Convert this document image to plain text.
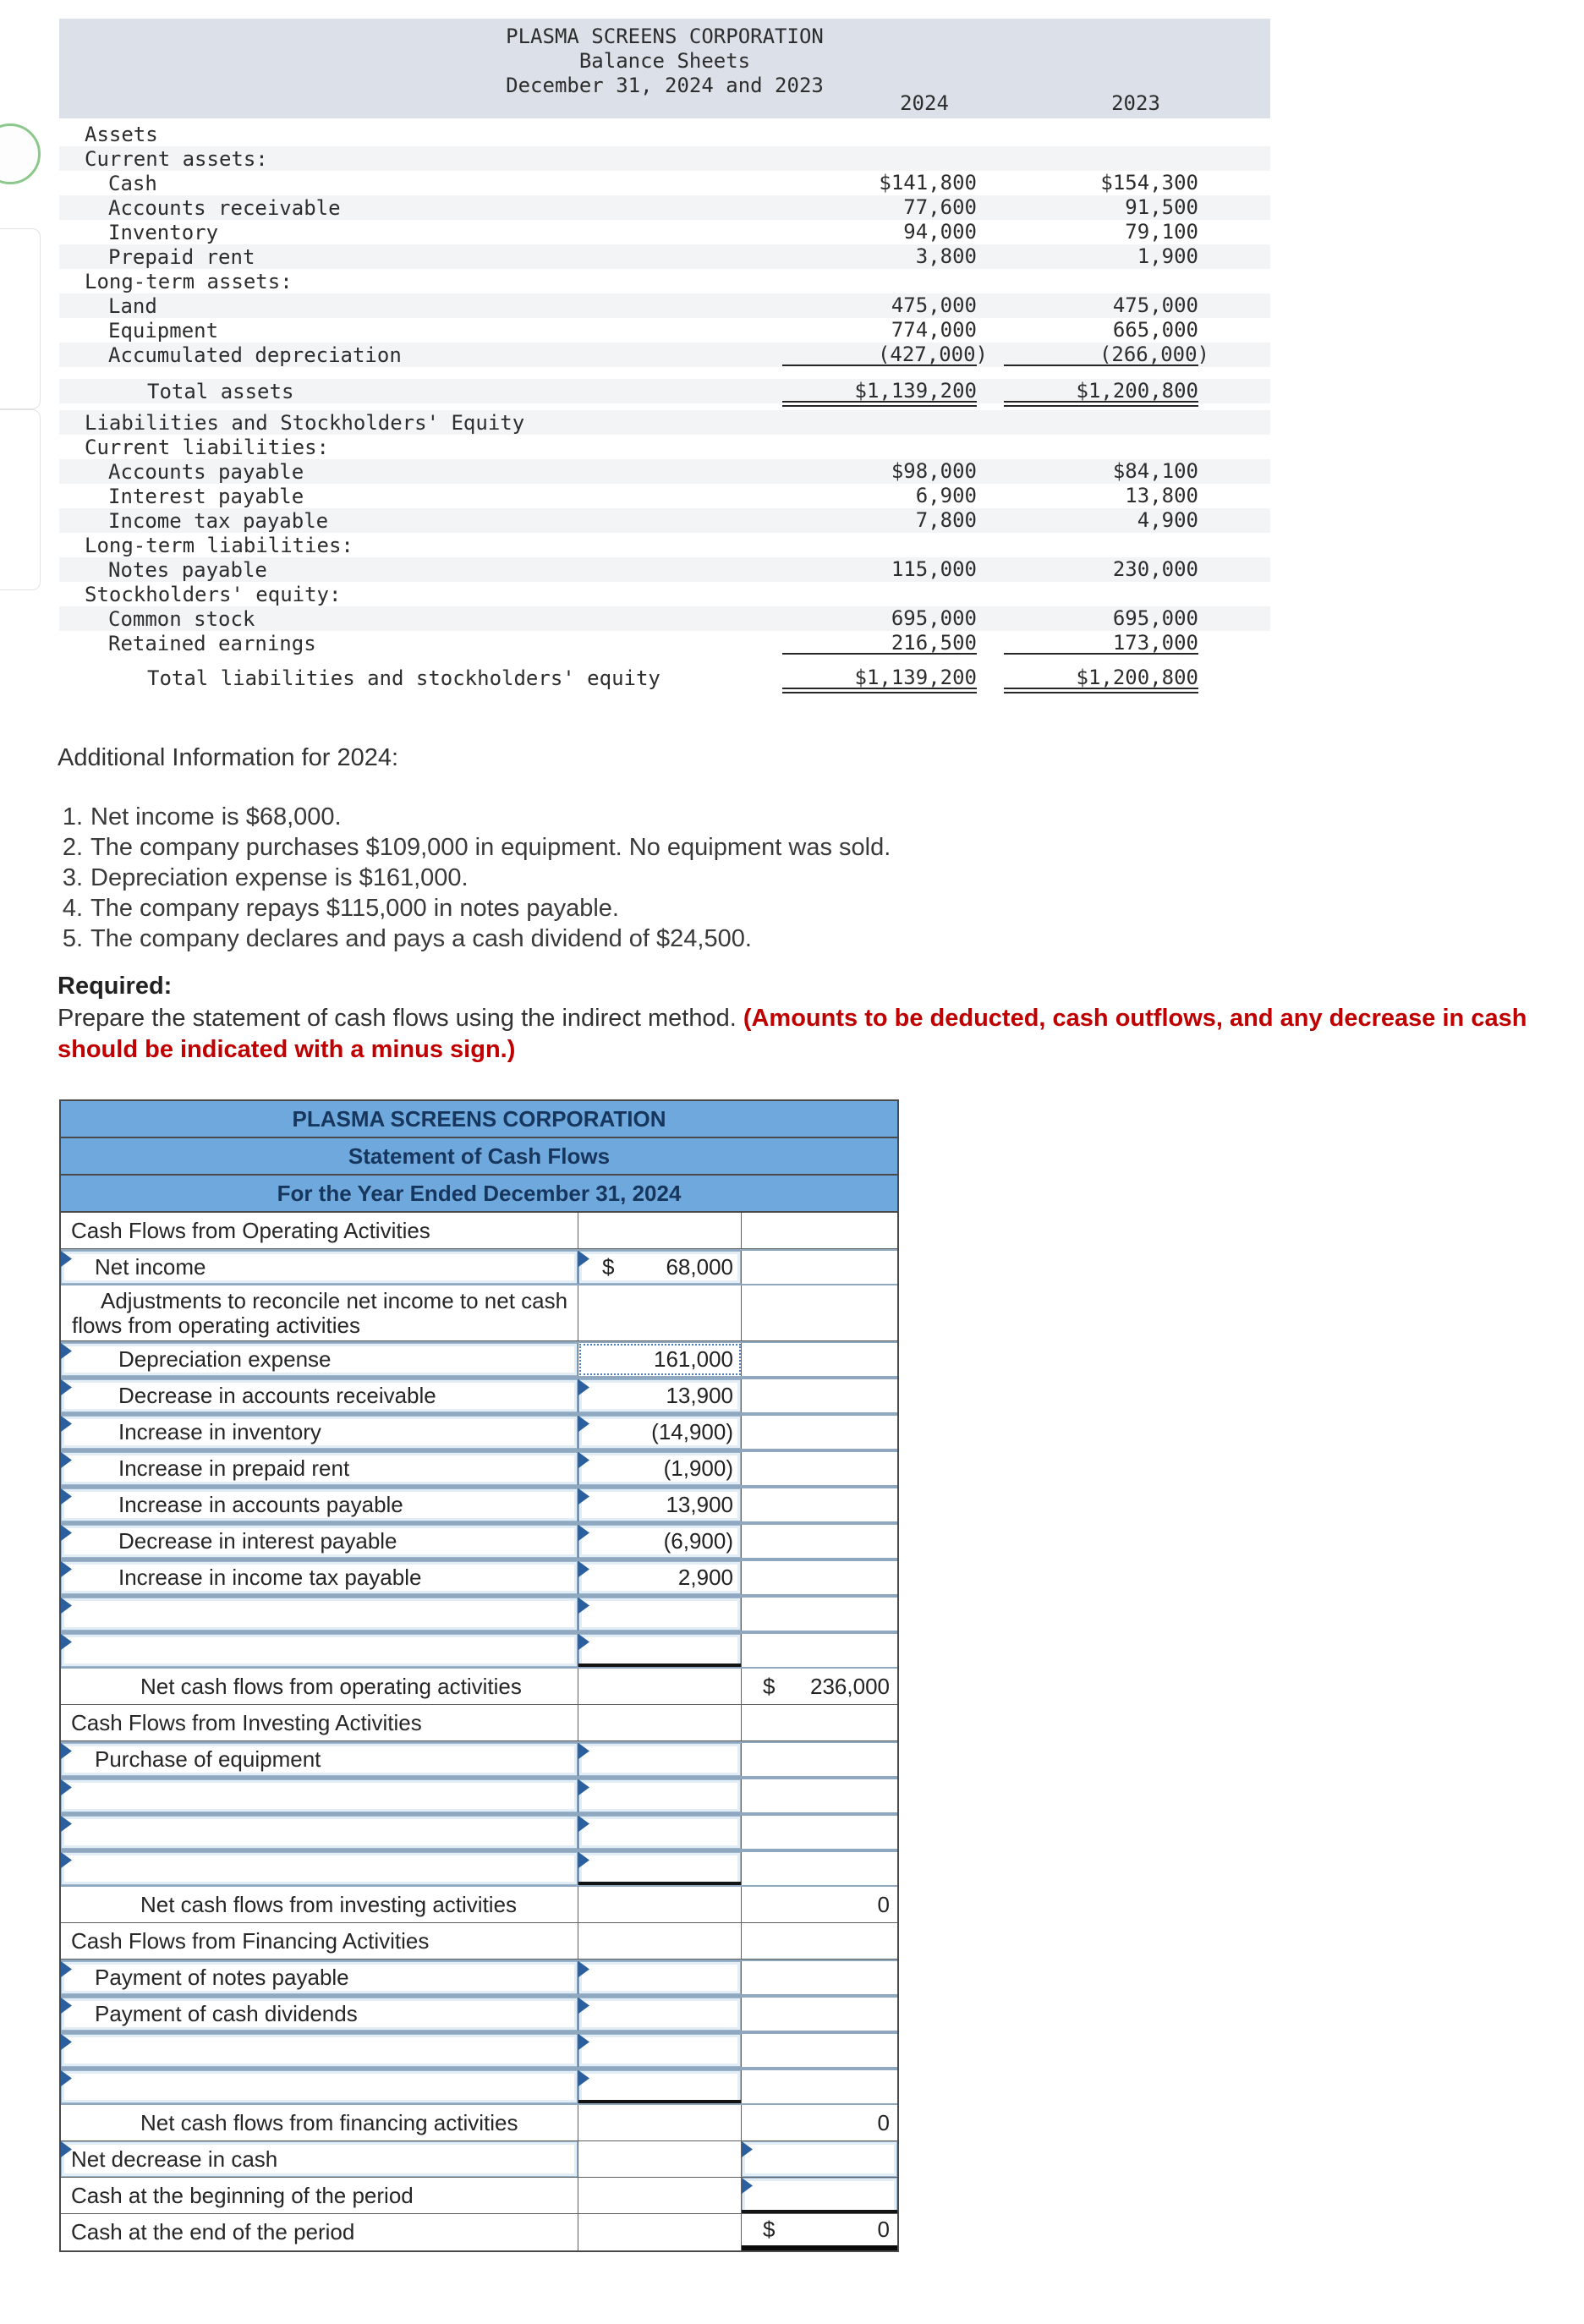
PLASMA SCREENS CORPORATION
Balance Sheets
December 31, 2024 and 2023
2024	2023
Assets
Current assets:
Cash	$141,800	$154,300
Accounts receivable	77,600	91,500
Inventory	94,000	79,100
Prepaid rent	3,800	1,900
Long-term assets:
Land	475,000	475,000
Equipment	774,000	665,000
Accumulated depreciation	(427,000)	(266,000)
Total assets	$1,139,200	$1,200,800
Liabilities and Stockholders' Equity
Current liabilities:
Accounts payable	$98,000	$84,100
Interest payable	6,900	13,800
Income tax payable	7,800	4,900
Long-term liabilities:
Notes payable	115,000	230,000
Stockholders' equity:
Common stock	695,000	695,000
Retained earnings	216,500	173,000
Total liabilities and stockholders' equity	$1,139,200	$1,200,800
Additional Information for 2024:
1. Net income is $68,000.
2. The company purchases $109,000 in equipment. No equipment was sold.
3. Depreciation expense is $161,000.
4. The company repays $115,000 in notes payable.
5. The company declares and pays a cash dividend of $24,500.
Required:
Prepare the statement of cash flows using the indirect method. (Amounts to be deducted, cash outflows, and any decrease in cash
should be indicated with a minus sign.)
PLASMA SCREENS CORPORATION
Statement of Cash Flows
For the Year Ended December 31, 2024
Cash Flows from Operating Activities
Net income	$ 68,000
Adjustments to reconcile net income to net cash flows from operating activities
Depreciation expense	161,000
Decrease in accounts receivable	13,900
Increase in inventory	(14,900)
Increase in prepaid rent	(1,900)
Increase in accounts payable	13,900
Decrease in interest payable	(6,900)
Increase in income tax payable	2,900
Net cash flows from operating activities	$ 236,000
Cash Flows from Investing Activities
Purchase of equipment
Net cash flows from investing activities	0
Cash Flows from Financing Activities
Payment of notes payable
Payment of cash dividends
Net cash flows from financing activities	0
Net decrease in cash
Cash at the beginning of the period
Cash at the end of the period	$	0
